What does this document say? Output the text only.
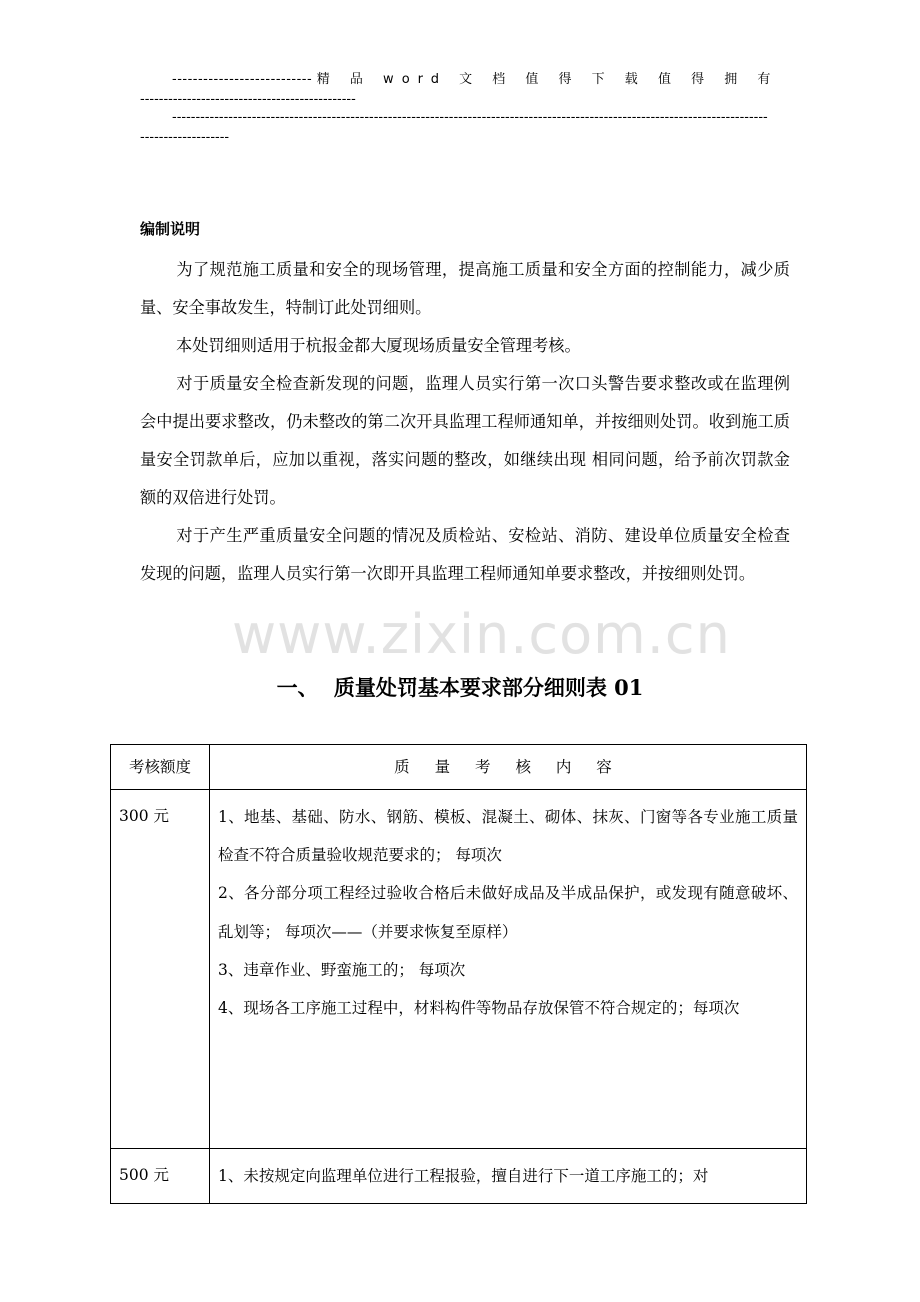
--------------------------- 精 品 word 文 档 值 得 下 载 值 得 拥 有
----------------------------------------------
-------------------------------------------------------------------------------------------------------------------------------
-------------------
编制说明
为了规范施工质量和安全的现场管理，提高施工质量和安全方面的控制能力，减少质量、安全事故发生，特制订此处罚细则。
本处罚细则适用于杭报金都大厦现场质量安全管理考核。
对于质量安全检查新发现的问题，监理人员实行第一次口头警告要求整改或在监理例会中提出要求整改，仍未整改的第二次开具监理工程师通知单，并按细则处罚。收到施工质量安全罚款单后，应加以重视，落实问题的整改，如继续出现 相同问题，给予前次罚款金额的双倍进行处罚。
对于产生严重质量安全问题的情况及质检站、安检站、消防、建设单位质量安全检查发现的问题，监理人员实行第一次即开具监理工程师通知单要求整改，并按细则处罚。
www.zixin.com.cn
一、 质量处罚基本要求部分细则表 01
考核额度	质 量 考 核 内 容
300 元	1、地基、基础、防水、钢筋、模板、混凝土、砌体、抹灰、门窗等各专业施工质量检查不符合质量验收规范要求的； 每项次
2、各分部分项工程经过验收合格后未做好成品及半成品保护，或发现有随意破坏、乱划等； 每项次——（并要求恢复至原样）
3、违章作业、野蛮施工的； 每项次
4、现场各工序施工过程中，材料构件等物品存放保管不符合规定的；每项次

500 元	1、未按规定向监理单位进行工程报验，擅自进行下一道工序施工的；对
